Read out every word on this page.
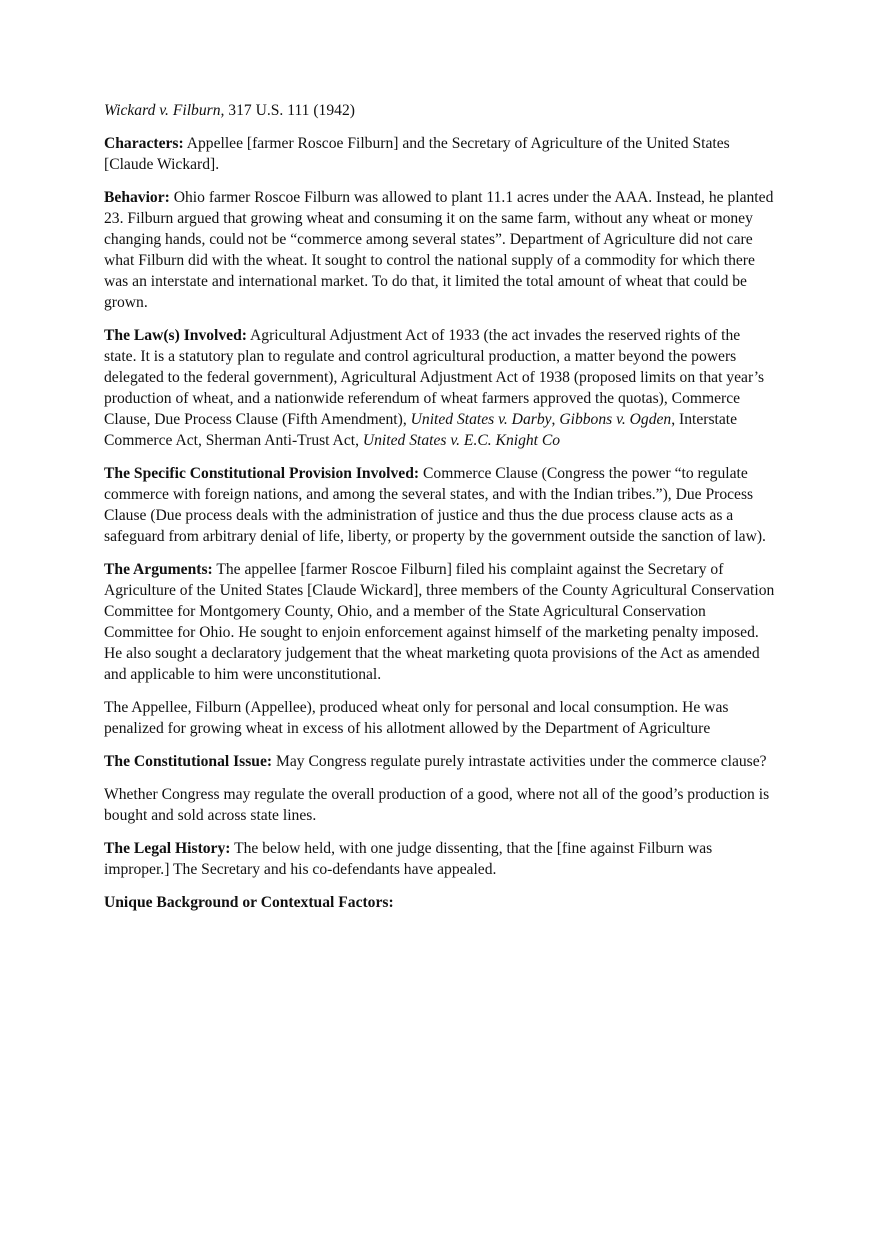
Wickard v. Filburn, 317 U.S. 111 (1942)

Characters: Appellee [farmer Roscoe Filburn] and the Secretary of Agriculture of the United States [Claude Wickard].

Behavior: Ohio farmer Roscoe Filburn was allowed to plant 11.1 acres under the AAA. Instead, he planted 23. Filburn argued that growing wheat and consuming it on the same farm, without any wheat or money changing hands, could not be “commerce among several states”. Department of Agriculture did not care what Filburn did with the wheat. It sought to control the national supply of a commodity for which there was an interstate and international market. To do that, it limited the total amount of wheat that could be grown.

The Law(s) Involved: Agricultural Adjustment Act of 1933 (the act invades the reserved rights of the state. It is a statutory plan to regulate and control agricultural production, a matter beyond the powers delegated to the federal government), Agricultural Adjustment Act of 1938 (proposed limits on that year’s production of wheat, and a nationwide referendum of wheat farmers approved the quotas), Commerce Clause, Due Process Clause (Fifth Amendment), United States v. Darby, Gibbons v. Ogden, Interstate Commerce Act, Sherman Anti-Trust Act, United States v. E.C. Knight Co

The Specific Constitutional Provision Involved: Commerce Clause (Congress the power “to regulate commerce with foreign nations, and among the several states, and with the Indian tribes.”), Due Process Clause (Due process deals with the administration of justice and thus the due process clause acts as a safeguard from arbitrary denial of life, liberty, or property by the government outside the sanction of law).

The Arguments: The appellee [farmer Roscoe Filburn] filed his complaint against the Secretary of Agriculture of the United States [Claude Wickard], three members of the County Agricultural Conservation Committee for Montgomery County, Ohio, and a member of the State Agricultural Conservation Committee for Ohio. He sought to enjoin enforcement against himself of the marketing penalty imposed. He also sought a declaratory judgement that the wheat marketing quota provisions of the Act as amended and applicable to him were unconstitutional.

The Appellee, Filburn (Appellee), produced wheat only for personal and local consumption. He was penalized for growing wheat in excess of his allotment allowed by the Department of Agriculture

The Constitutional Issue: May Congress regulate purely intrastate activities under the commerce clause?

Whether Congress may regulate the overall production of a good, where not all of the good’s production is bought and sold across state lines.

The Legal History: The below held, with one judge dissenting, that the [fine against Filburn was improper.] The Secretary and his co-defendants have appealed.

Unique Background or Contextual Factors:
